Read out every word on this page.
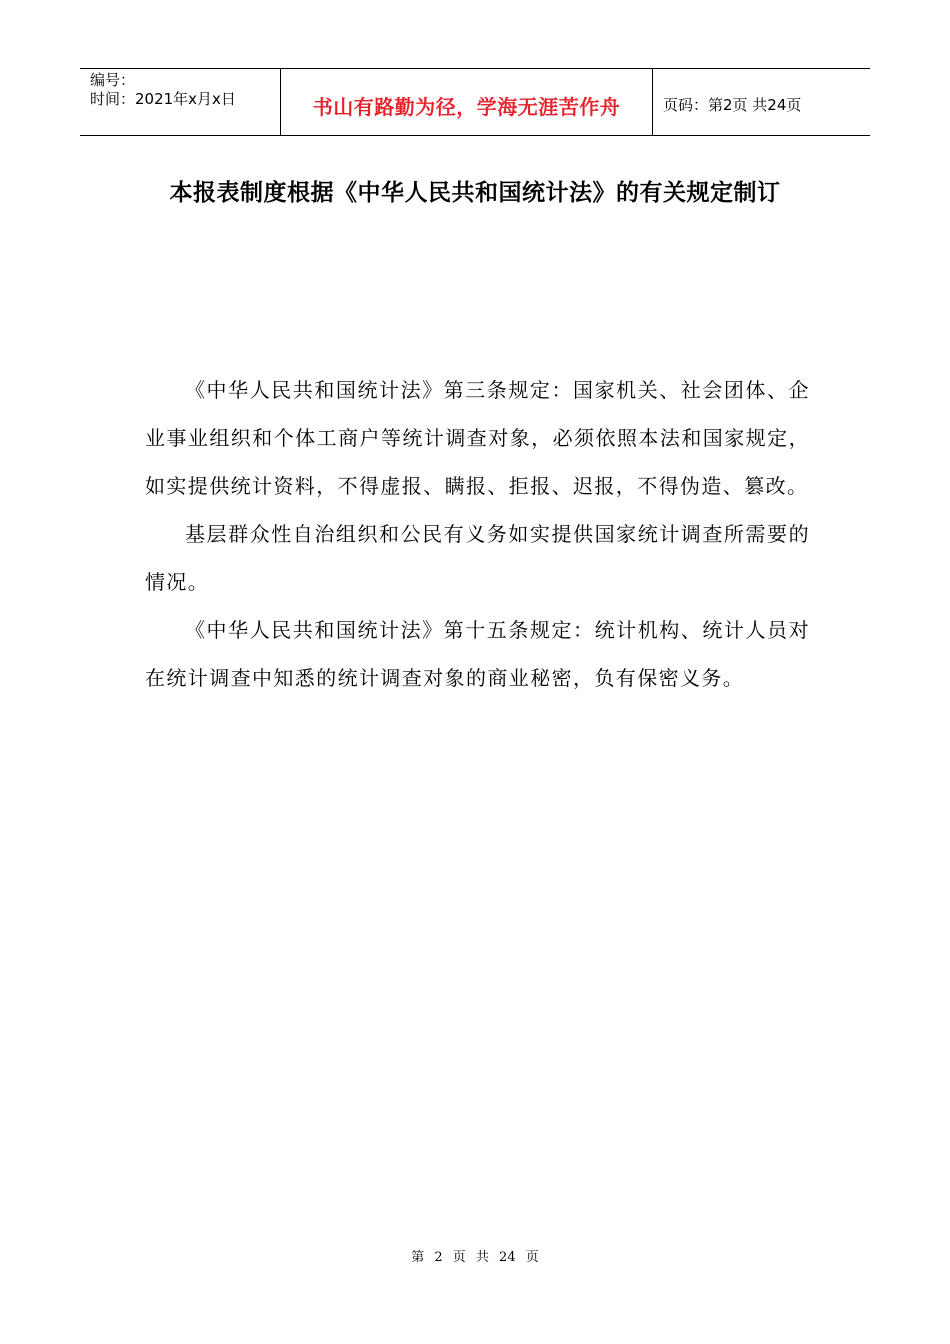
编号：
时间：2021年x月x日	书山有路勤为径，学海无涯苦作舟	页码：第2页 共24页
本报表制度根据《中华人民共和国统计法》的有关规定制订

《中华人民共和国统计法》第三条规定：国家机关、社会团体、企业事业组织和个体工商户等统计调查对象，必须依照本法和国家规定，如实提供统计资料，不得虚报、瞒报、拒报、迟报，不得伪造、篡改。

基层群众性自治组织和公民有义务如实提供国家统计调查所需要的情况。

《中华人民共和国统计法》第十五条规定：统计机构、统计人员对在统计调查中知悉的统计调查对象的商业秘密，负有保密义务。

第 2 页 共 24 页
